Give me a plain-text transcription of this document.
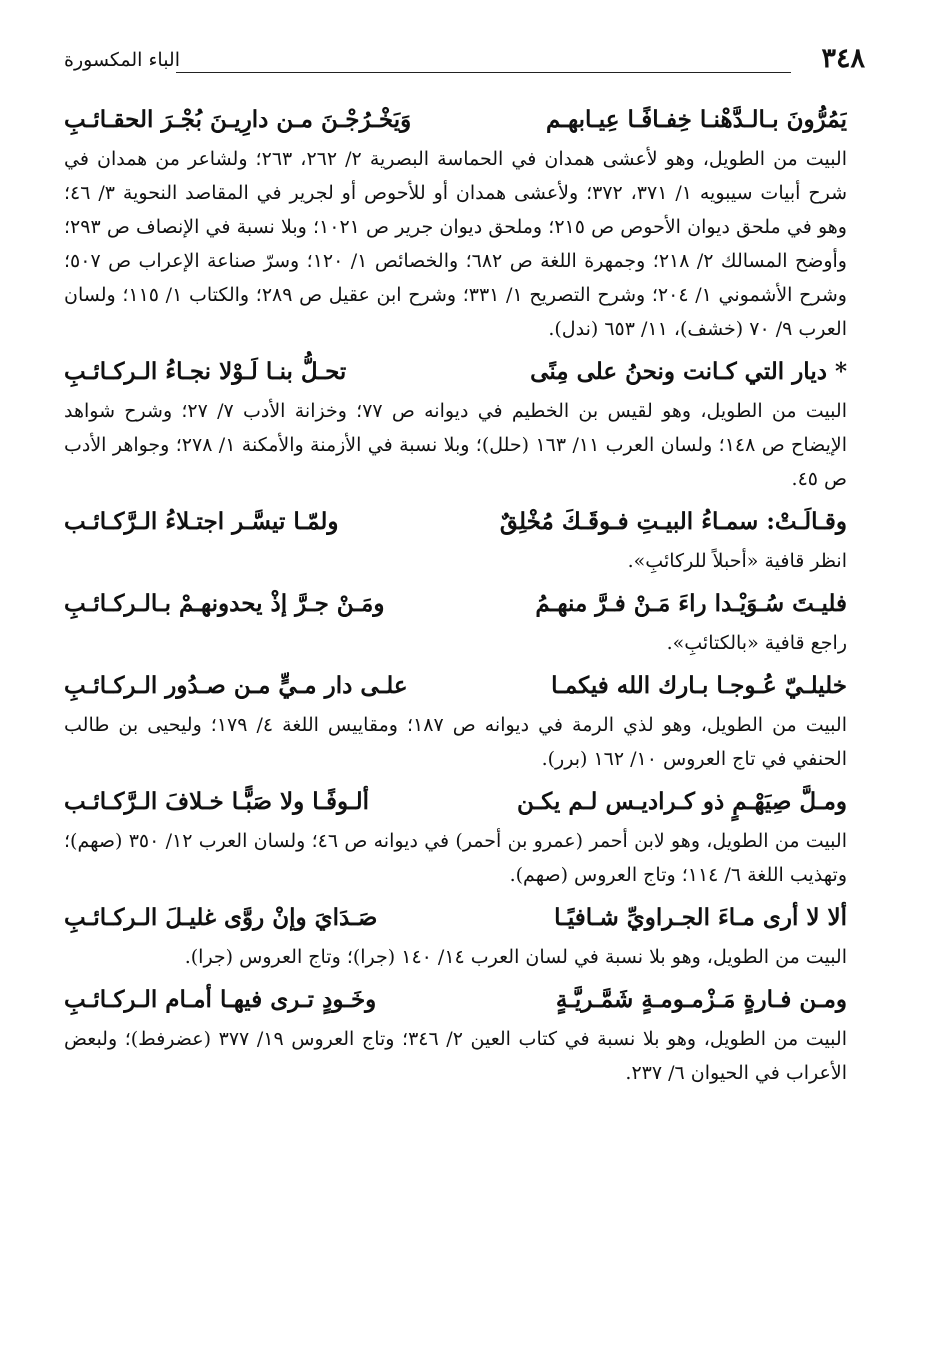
٣٤٨
الباء المكسورة
يَمُرُّونَ بـالـدَّهْنـا خِفـافًـا عِيـابهـم
وَيَخْـرُجْـنَ مـن دارِيـنَ بُجْـرَ الحقـائـبِ

البيت من الطويل، وهو لأعشى همدان في الحماسة البصرية ٢/ ٢٦٢، ٢٦٣؛ ولشاعر من همدان في شرح أبيات سيبويه ١/ ٣٧١، ٣٧٢؛ ولأعشى همدان أو للأحوص أو لجرير في المقاصد النحوية ٣/ ٤٦؛ وهو في ملحق ديوان الأحوص ص ٢١٥؛ وملحق ديوان جرير ص ١٠٢١؛ وبلا نسبة في الإنصاف ص ٢٩٣؛ وأوضح المسالك ٢/ ٢١٨؛ وجمهرة اللغة ص ٦٨٢؛ والخصائص ١/ ١٢٠؛ وسرّ صناعة الإعراب ص ٥٠٧؛ وشرح الأشموني ١/ ٢٠٤؛ وشرح التصريح ١/ ٣٣١؛ وشرح ابن عقيل ص ٢٨٩؛ والكتاب ١/ ١١٥؛ ولسان العرب ٩/ ٧٠ (خشف)، ١١/ ٦٥٣ (ندل).

* ديار التي كـانت ونحنُ على مِنًى
تحـلُّ بنـا لَـوْلا نجـاءُ الـركـائـبِ

البيت من الطويل، وهو لقيس بن الخطيم في ديوانه ص ٧٧؛ وخزانة الأدب ٧/ ٢٧؛ وشرح شواهد الإيضاح ص ١٤٨؛ ولسان العرب ١١/ ١٦٣ (حلل)؛ وبلا نسبة في الأزمنة والأمكنة ١/ ٢٧٨؛ وجواهر الأدب ص ٤٥.

وقـالَـتْ: سمـاءُ البيـتِ فـوقَـكَ مُخْلِقٌ
ولمّـا تيسَّـر اجتـلاءُ الـرَّكـائـب

انظر قافية «أحبلاً للركائبِ».

فليـتَ سُـوَيْـدا راءَ مَـنْ فـرَّ منهـمُ
ومَـنْ جـرَّ إذْ يحدونهـمْ بـالـركـائـبِ

راجع قافية «بالكتائبِ».

خليلـيّ عُـوجـا بـارك الله فيكمـا
علـى دار مـيٍّ مـن صـدُور الـركـائـبِ

البيت من الطويل، وهو لذي الرمة في ديوانه ص ١٨٧؛ ومقاييس اللغة ٤/ ١٧٩؛ وليحيى بن طالب الحنفي في تاج العروس ١٠/ ١٦٢ (برر).

ومـلَّ صِيَهْـمٍ ذو كـراديـس لـم يكـن
ألـوفًـا ولا صَبًّـا خـلافَ الـرَّكـائـب

البيت من الطويل، وهو لابن أحمر (عمرو بن أحمر) في ديوانه ص ٤٦؛ ولسان العرب ١٢/ ٣٥٠ (صهم)؛ وتهذيب اللغة ٦/ ١١٤؛ وتاج العروس (صهم).

ألا لا أرى مـاءَ الجـراويِّ شـافيًـا
صَـدَايَ وإنْ روَّى غليـلَ الـركـائـبِ

البيت من الطويل، وهو بلا نسبة في لسان العرب ١٤/ ١٤٠ (جرا)؛ وتاج العروس (جرا).

ومـن فـارةٍ مَـزْمـومـةٍ شَمَّـريَّـةٍ
وخَـودٍ تـرى فيهـا أمـام الـركـائـبِ

البيت من الطويل، وهو بلا نسبة في كتاب العين ٢/ ٣٤٦؛ وتاج العروس ١٩/ ٣٧٧ (عضرفط)؛ ولبعض الأعراب في الحيوان ٦/ ٢٣٧.
